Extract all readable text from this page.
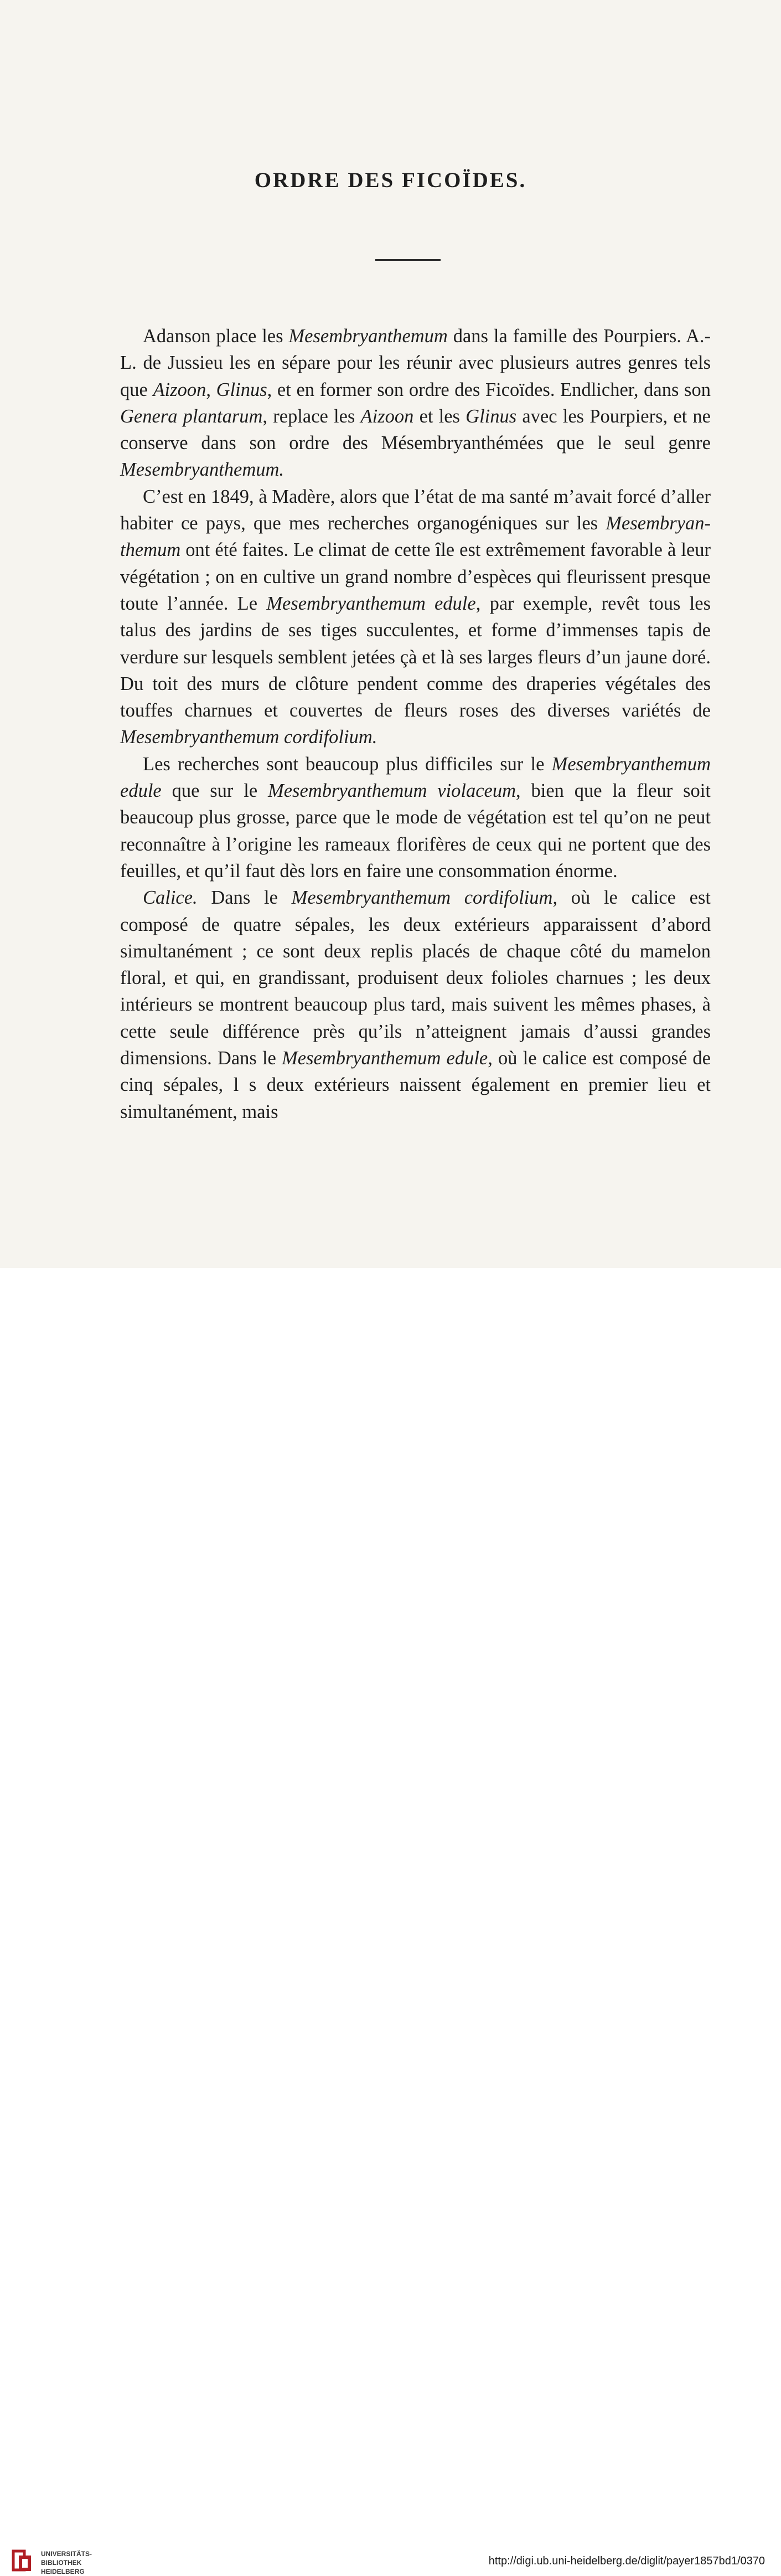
ORDRE DES FICOÏDES.

Adanson place les Mesembryanthemum dans la famille des Pourpiers. A.-L. de Jussieu les en sépare pour les réunir avec plusieurs autres genres tels que Aizoon, Glinus, et en former son ordre des Ficoïdes. Endlicher, dans son Genera plantarum, replace les Aizoon et les Glinus avec les Pourpiers, et ne conserve dans son ordre des Mésembryanthémées que le seul genre Mesembryanthemum.

C’est en 1849, à Madère, alors que l’état de ma santé m’avait forcé d’aller habiter ce pays, que mes recherches organogéniques sur les Mesembryan-themum ont été faites. Le climat de cette île est extrêmement favorable à leur végétation ; on en cultive un grand nombre d’espèces qui fleurissent presque toute l’année. Le Mesembryanthemum edule, par exemple, revêt tous les talus des jardins de ses tiges succulentes, et forme d’immenses tapis de verdure sur lesquels semblent jetées çà et là ses larges fleurs d’un jaune doré. Du toit des murs de clôture pendent comme des draperies végétales des touffes charnues et couvertes de fleurs roses des diverses variétés de Mesembryanthemum cordifolium.

Les recherches sont beaucoup plus difficiles sur le Mesembryanthemum edule que sur le Mesembryanthemum violaceum, bien que la fleur soit beaucoup plus grosse, parce que le mode de végétation est tel qu’on ne peut reconnaître à l’origine les rameaux florifères de ceux qui ne portent que des feuilles, et qu’il faut dès lors en faire une consommation énorme.

Calice. Dans le Mesembryanthemum cordifolium, où le calice est composé de quatre sépales, les deux extérieurs apparaissent d’abord simultanément ; ce sont deux replis placés de chaque côté du mamelon floral, et qui, en grandissant, produisent deux folioles charnues ; les deux intérieurs se montrent beaucoup plus tard, mais suivent les mêmes phases, à cette seule différence près qu’ils n’atteignent jamais d’aussi grandes dimensions. Dans le Mesembryanthemum edule, où le calice est composé de cinq sépales, l s deux extérieurs naissent également en premier lieu et simultanément, mais

UNIVERSITÄTS-
BIBLIOTHEK
HEIDELBERG
http://digi.ub.uni-heidelberg.de/diglit/payer1857bd1/0370
